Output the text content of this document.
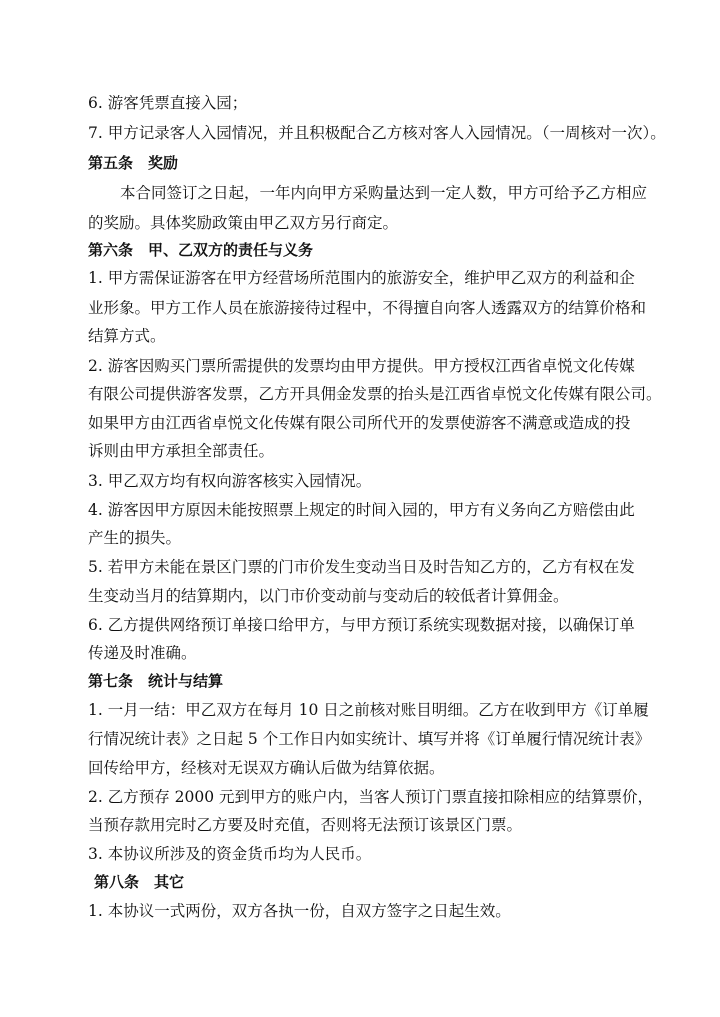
6. 游客凭票直接入园；
7. 甲方记录客人入园情况，并且积极配合乙方核对客人入园情况。（一周核对一次）。
第五条　奖励
本合同签订之日起，一年内向甲方采购量达到一定人数，甲方可给予乙方相应
的奖励。具体奖励政策由甲乙双方另行商定。
第六条　甲、乙双方的责任与义务
1. 甲方需保证游客在甲方经营场所范围内的旅游安全，维护甲乙双方的利益和企
业形象。甲方工作人员在旅游接待过程中，不得擅自向客人透露双方的结算价格和
结算方式。
2. 游客因购买门票所需提供的发票均由甲方提供。甲方授权江西省卓悦文化传媒
有限公司提供游客发票，乙方开具佣金发票的抬头是江西省卓悦文化传媒有限公司。
如果甲方由江西省卓悦文化传媒有限公司所代开的发票使游客不满意或造成的投
诉则由甲方承担全部责任。
3. 甲乙双方均有权向游客核实入园情况。
4. 游客因甲方原因未能按照票上规定的时间入园的，甲方有义务向乙方赔偿由此
产生的损失。
5. 若甲方未能在景区门票的门市价发生变动当日及时告知乙方的，乙方有权在发
生变动当月的结算期内，以门市价变动前与变动后的较低者计算佣金。
6. 乙方提供网络预订单接口给甲方，与甲方预订系统实现数据对接，以确保订单
传递及时准确。
第七条　统计与结算
1. 一月一结：甲乙双方在每月 10 日之前核对账目明细。乙方在收到甲方《订单履
行情况统计表》之日起 5 个工作日内如实统计、填写并将《订单履行情况统计表》
回传给甲方，经核对无误双方确认后做为结算依据。
2. 乙方预存 2000 元到甲方的账户内，当客人预订门票直接扣除相应的结算票价，
当预存款用完时乙方要及时充值，否则将无法预订该景区门票。
3. 本协议所涉及的资金货币均为人民币。
第八条　其它
1. 本协议一式两份，双方各执一份，自双方签字之日起生效。
